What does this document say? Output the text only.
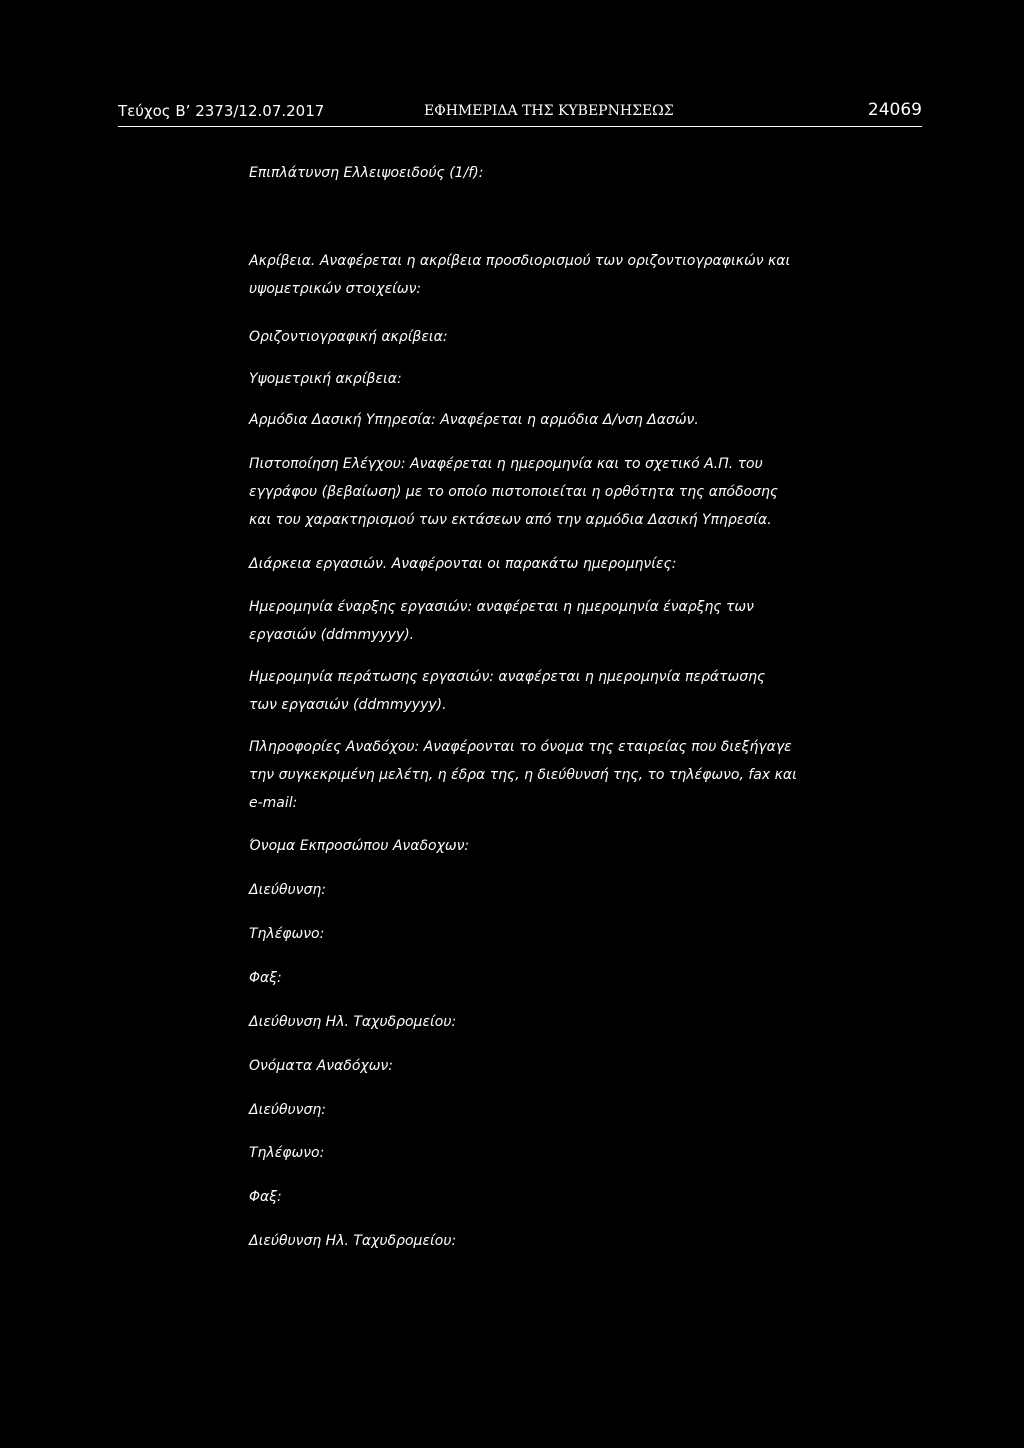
Τεύχος Β’ 2373/12.07.2017	ΕΦΗΜΕΡΙΔΑ ΤΗΣ ΚΥΒΕΡΝΗΣΕΩΣ	24069
Επιπλάτυνση Ελλειψοειδούς (1/f):
Ακρίβεια. Αναφέρεται η ακρίβεια προσδιορισμού των οριζοντιογραφικών και
υψομετρικών στοιχείων:
Οριζοντιογραφική ακρίβεια:
Υψομετρική ακρίβεια:
Αρμόδια Δασική Υπηρεσία: Αναφέρεται η αρμόδια Δ/νση Δασών.
Πιστοποίηση Ελέγχου: Αναφέρεται η ημερομηνία και το σχετικό Α.Π. του
εγγράφου (βεβαίωση) με το οποίο πιστοποιείται η ορθότητα της απόδοσης
και του χαρακτηρισμού των εκτάσεων από την αρμόδια Δασική Υπηρεσία.
Διάρκεια εργασιών. Αναφέρονται οι παρακάτω ημερομηνίες:
Ημερομηνία έναρξης εργασιών: αναφέρεται η ημερομηνία έναρξης των
εργασιών (ddmmyyyy).
Ημερομηνία περάτωσης εργασιών: αναφέρεται η ημερομηνία περάτωσης
των εργασιών (ddmmyyyy).
Πληροφορίες Αναδόχου: Αναφέρονται το όνομα της εταιρείας που διεξήγαγε
την συγκεκριμένη μελέτη, η έδρα της, η διεύθυνσή της, το τηλέφωνο, fax και
e-mail:
Όνομα Εκπροσώπου Αναδοχων:
Διεύθυνση:
Τηλέφωνο:
Φαξ:
Διεύθυνση Ηλ. Ταχυδρομείου:
Ονόματα Αναδόχων:
Διεύθυνση:
Τηλέφωνο:
Φαξ:
Διεύθυνση Ηλ. Ταχυδρομείου:
